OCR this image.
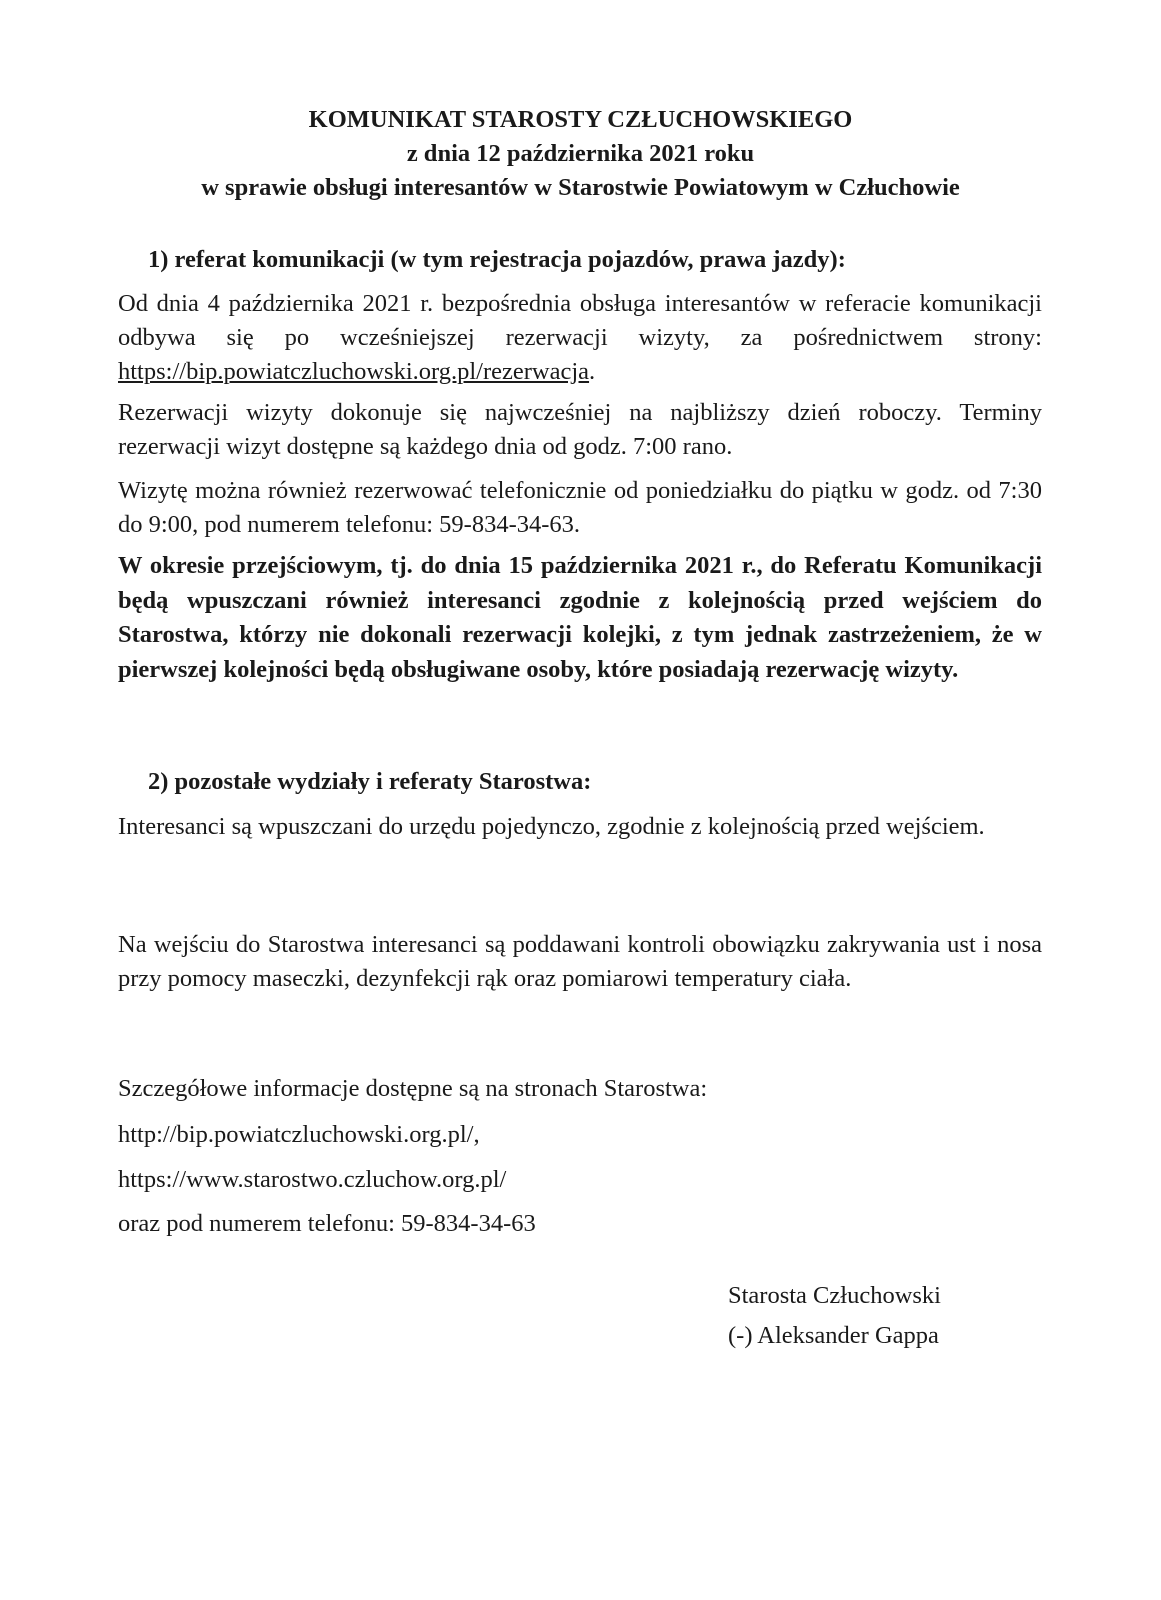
KOMUNIKAT STAROSTY CZŁUCHOWSKIEGO
z dnia 12 października 2021 roku
w sprawie obsługi interesantów w Starostwie Powiatowym w Człuchowie
1) referat komunikacji (w tym rejestracja pojazdów, prawa jazdy):
Od dnia 4 października 2021 r. bezpośrednia obsługa interesantów w referacie komunikacji odbywa się po wcześniejszej rezerwacji wizyty, za pośrednictwem strony: https://bip.powiatczluchowski.org.pl/rezerwacja.
Rezerwacji wizyty dokonuje się najwcześniej na najbliższy dzień roboczy. Terminy rezerwacji wizyt dostępne są każdego dnia od godz. 7:00 rano.
Wizytę można również rezerwować telefonicznie od poniedziałku do piątku w godz. od 7:30 do 9:00, pod numerem telefonu: 59-834-34-63.
W okresie przejściowym, tj. do dnia 15 października 2021 r., do Referatu Komunikacji będą wpuszczani również interesanci zgodnie z kolejnością przed wejściem do Starostwa, którzy nie dokonali rezerwacji kolejki, z tym jednak zastrzeżeniem, że w pierwszej kolejności będą obsługiwane osoby, które posiadają rezerwację wizyty.
2) pozostałe wydziały i referaty Starostwa:
Interesanci są wpuszczani do urzędu pojedynczo, zgodnie z kolejnością przed wejściem.
Na wejściu do Starostwa interesanci są poddawani kontroli obowiązku zakrywania ust i nosa przy pomocy maseczki, dezynfekcji rąk oraz pomiarowi temperatury ciała.
Szczegółowe informacje dostępne są na stronach Starostwa:
http://bip.powiatczluchowski.org.pl/,
https://www.starostwo.czluchow.org.pl/
oraz pod numerem telefonu: 59-834-34-63
Starosta Człuchowski
(-) Aleksander Gappa
